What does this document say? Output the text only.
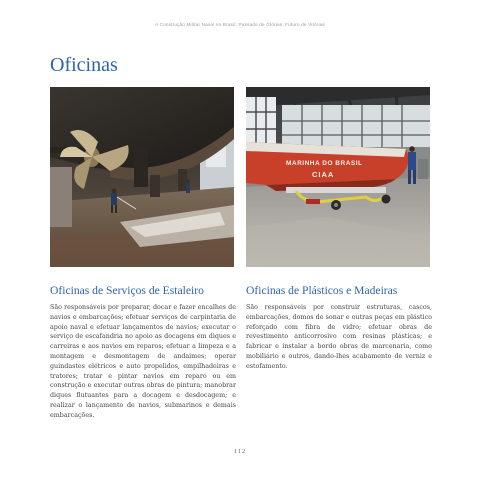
A Construção Militar Naval no Brasil: Passado de Glórias, Futuro de Vitórias
Oficinas
MARINHA DO BRASIL
CIAA
Oficinas de Serviços de Estaleiro

São responsáveis por preparar, docar e fazer encalhes de navios e embarcações; efetuar serviços de carpintaria de apoio naval e efetuar lançamentos de navios; executar o serviço de escafandria no apoio as docagens em diques e carreiras e aos navios em reparos; efetuar a limpeza e a montagem e desmontagem de andaimes; operar guindastes elétricos e auto propelidos, empilhadeiras e tratores; tratar e pintar navios em reparo ou em construção e executar outras obras de pintura; manobrar diques flutuantes para a docagem e desdocagem; e realizar o lançamento de navios, submarinos e demais embarcações.

Oficinas de Plásticos e Madeiras

São responsáveis por construir estruturas, cascos, embarcações, domos de sonar e outras peças em plástico reforçado com fibra de vidro; efetuar obras de revestimento anticorrosivo com resinas plásticas; e fabricar e instalar a bordo obras de marcenaria, como mobiliário e outros, dando-lhes acabamento de verniz e estofamento.

112
